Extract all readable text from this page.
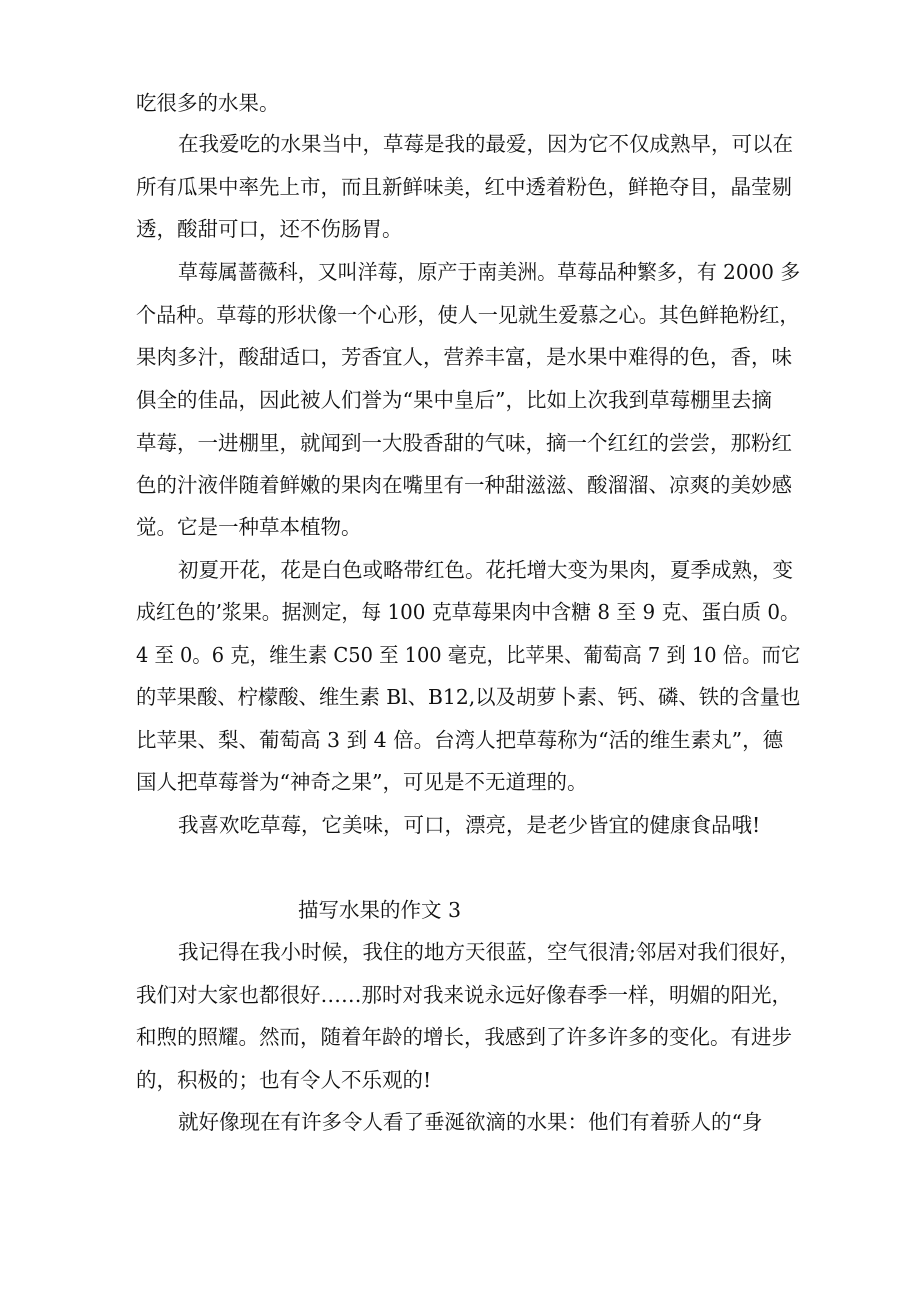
吃很多的水果。
在我爱吃的水果当中，草莓是我的最爱，因为它不仅成熟早，可以在
所有瓜果中率先上市，而且新鲜味美，红中透着粉色，鲜艳夺目，晶莹剔
透，酸甜可口，还不伤肠胃。
草莓属蔷薇科，又叫洋莓，原产于南美洲。草莓品种繁多，有 2000 多
个品种。草莓的形状像一个心形，使人一见就生爱慕之心。其色鲜艳粉红，
果肉多汁，酸甜适口，芳香宜人，营养丰富，是水果中难得的色，香，味
俱全的佳品，因此被人们誉为“果中皇后”，比如上次我到草莓棚里去摘
草莓，一进棚里，就闻到一大股香甜的气味，摘一个红红的尝尝，那粉红
色的汁液伴随着鲜嫩的果肉在嘴里有一种甜滋滋、酸溜溜、凉爽的美妙感
觉。它是一种草本植物。
初夏开花，花是白色或略带红色。花托增大变为果肉，夏季成熟，变
成红色的’浆果。据测定，每 100 克草莓果肉中含糖 8 至 9 克、蛋白质 0。
4 至 0。6 克，维生素 C50 至 100 毫克，比苹果、葡萄高 7 到 10 倍。而它
的苹果酸、柠檬酸、维生素 Bl、B12,以及胡萝卜素、钙、磷、铁的含量也
比苹果、梨、葡萄高 3 到 4 倍。台湾人把草莓称为“活的维生素丸”，德
国人把草莓誉为“神奇之果”，可见是不无道理的。
我喜欢吃草莓，它美味，可口，漂亮，是老少皆宜的健康食品哦!
描写水果的作文 3
我记得在我小时候，我住的地方天很蓝，空气很清;邻居对我们很好，
我们对大家也都很好……那时对我来说永远好像春季一样，明媚的阳光，
和煦的照耀。然而，随着年龄的增长，我感到了许多许多的变化。有进步
的，积极的；也有令人不乐观的!
就好像现在有许多令人看了垂涎欲滴的水果：他们有着骄人的“身
